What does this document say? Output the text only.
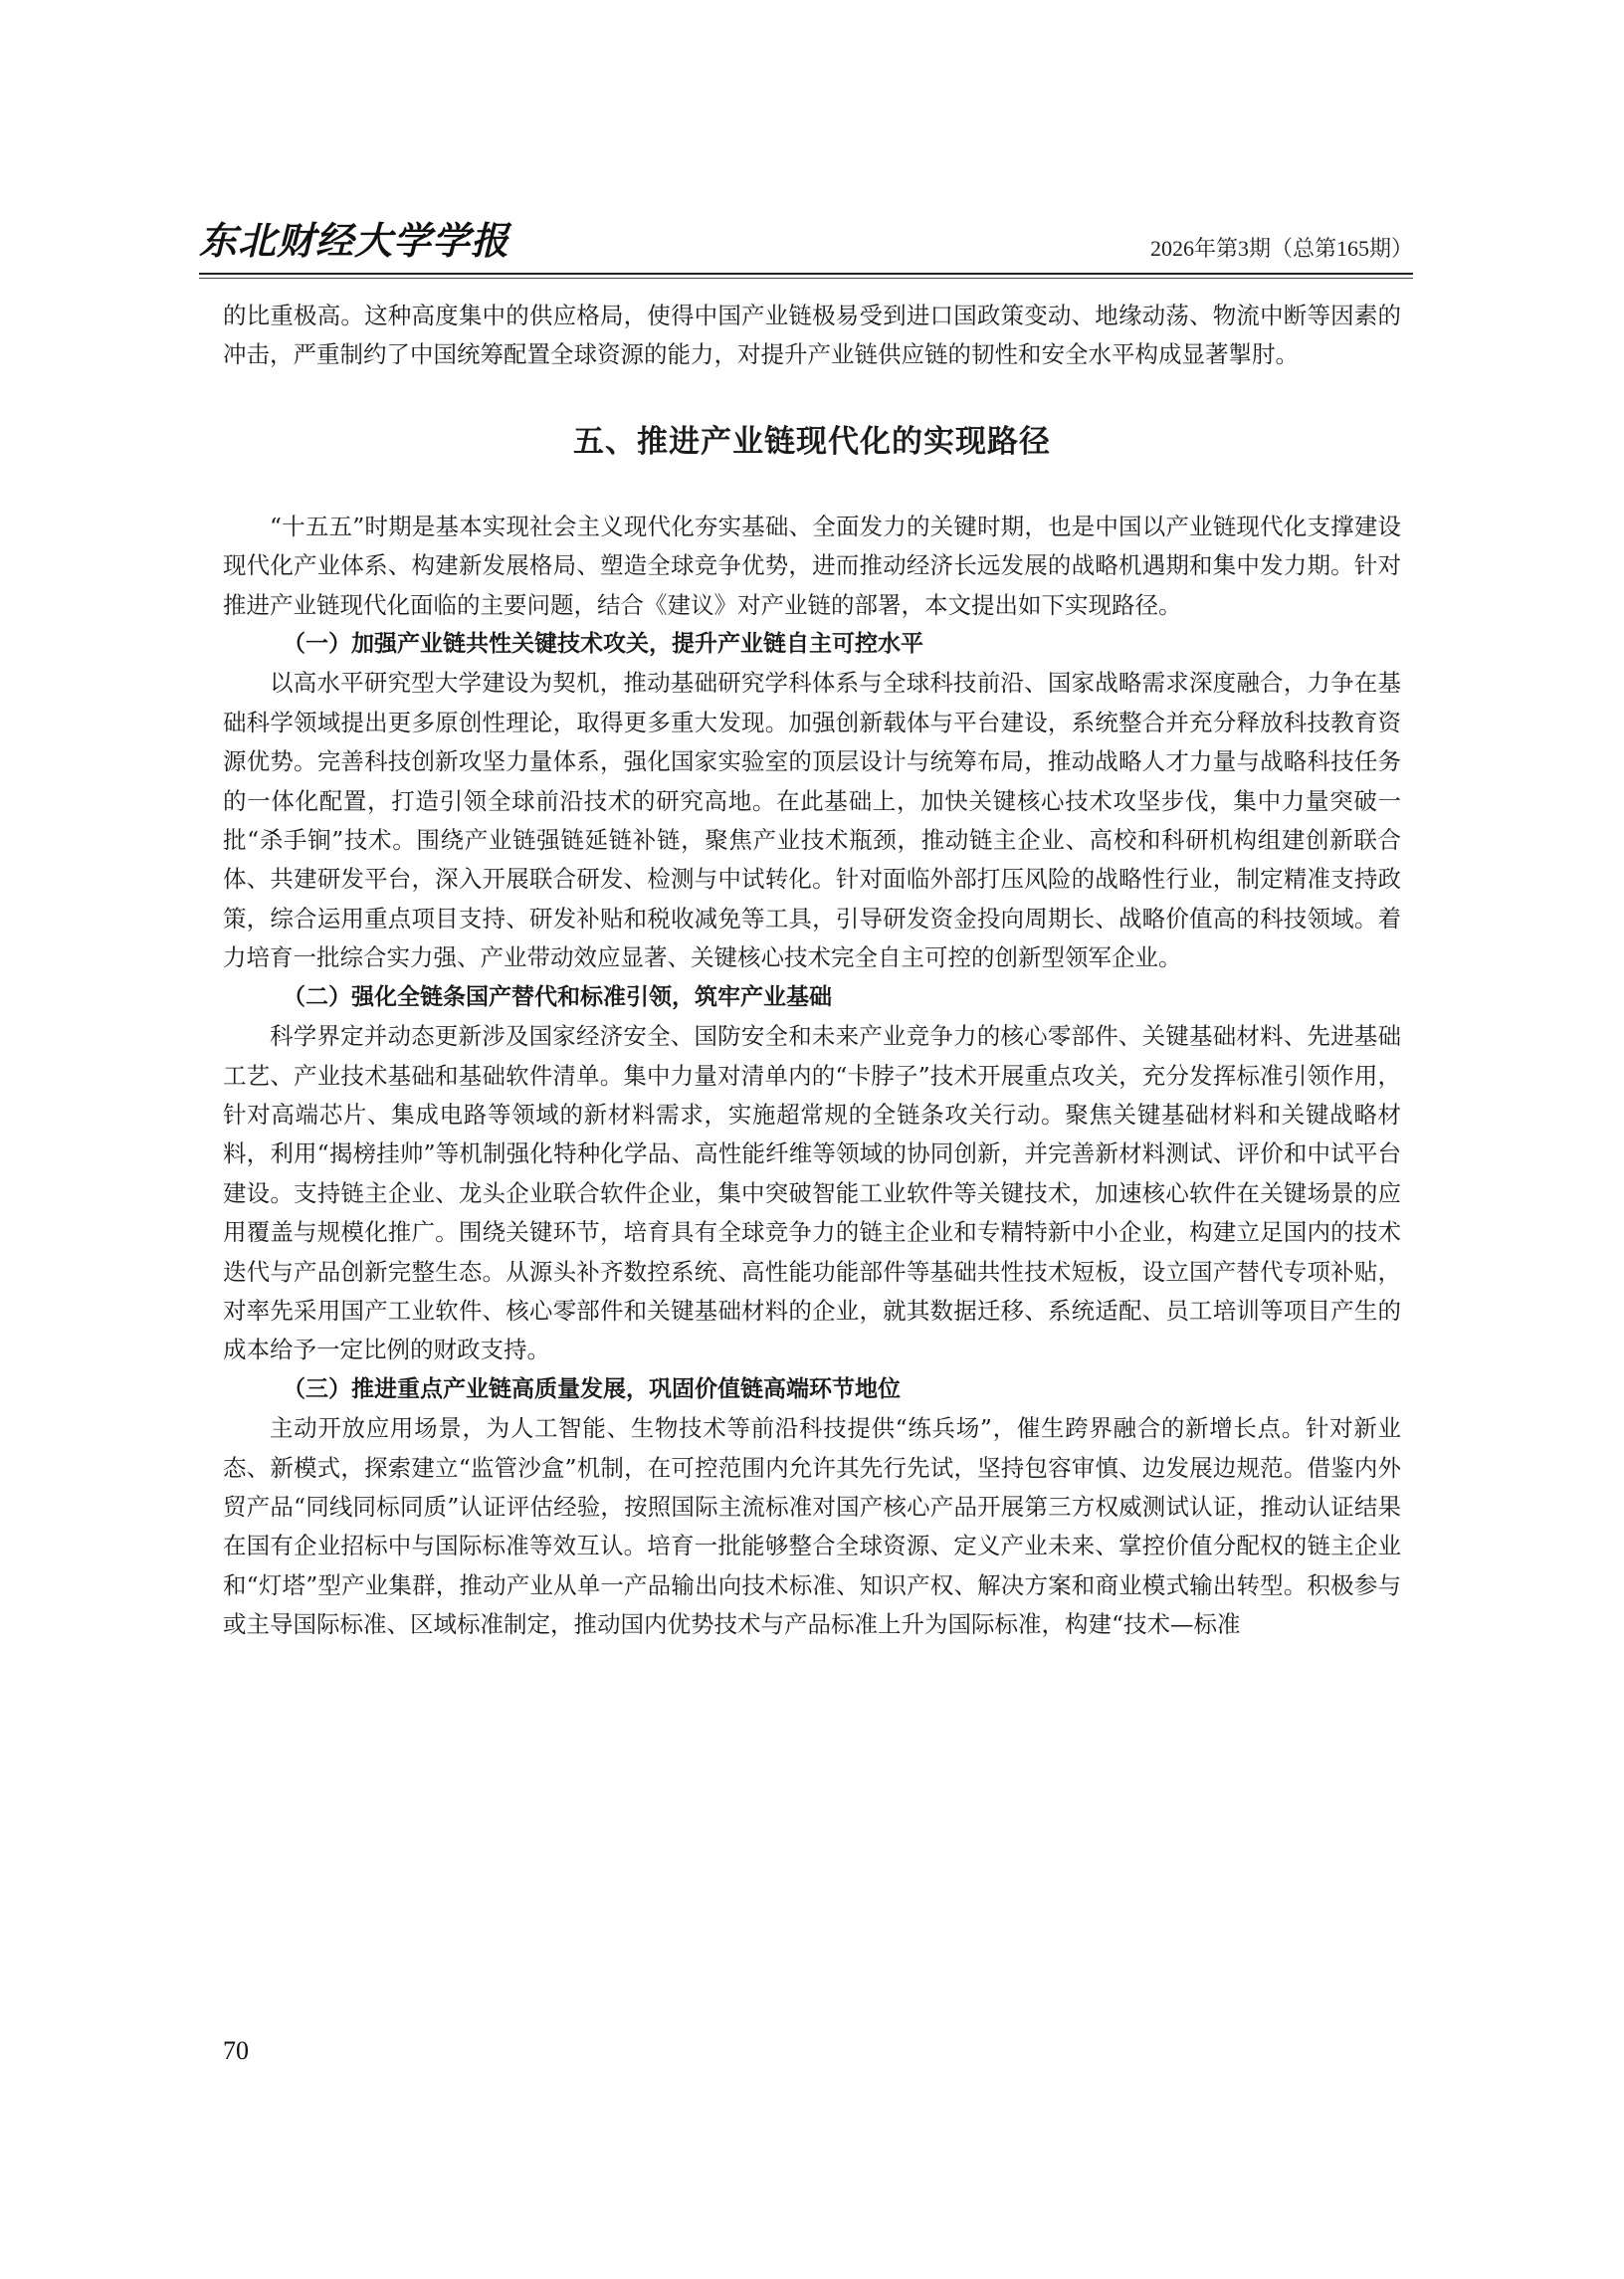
东北财经大学学报	2026年第3期（总第165期）

的比重极高。这种高度集中的供应格局，使得中国产业链极易受到进口国政策变动、地缘动荡、物流中断等因素的冲击，严重制约了中国统筹配置全球资源的能力，对提升产业链供应链的韧性和安全水平构成显著掣肘。

五、推进产业链现代化的实现路径

“十五五”时期是基本实现社会主义现代化夯实基础、全面发力的关键时期，也是中国以产业链现代化支撑建设现代化产业体系、构建新发展格局、塑造全球竞争优势，进而推动经济长远发展的战略机遇期和集中发力期。针对推进产业链现代化面临的主要问题，结合《建议》对产业链的部署，本文提出如下实现路径。

（一）加强产业链共性关键技术攻关，提升产业链自主可控水平

以高水平研究型大学建设为契机，推动基础研究学科体系与全球科技前沿、国家战略需求深度融合，力争在基础科学领域提出更多原创性理论，取得更多重大发现。加强创新载体与平台建设，系统整合并充分释放科技教育资源优势。完善科技创新攻坚力量体系，强化国家实验室的顶层设计与统筹布局，推动战略人才力量与战略科技任务的一体化配置，打造引领全球前沿技术的研究高地。在此基础上，加快关键核心技术攻坚步伐，集中力量突破一批“杀手锏”技术。围绕产业链强链延链补链，聚焦产业技术瓶颈，推动链主企业、高校和科研机构组建创新联合体、共建研发平台，深入开展联合研发、检测与中试转化。针对面临外部打压风险的战略性行业，制定精准支持政策，综合运用重点项目支持、研发补贴和税收减免等工具，引导研发资金投向周期长、战略价值高的科技领域。着力培育一批综合实力强、产业带动效应显著、关键核心技术完全自主可控的创新型领军企业。

（二）强化全链条国产替代和标准引领，筑牢产业基础

科学界定并动态更新涉及国家经济安全、国防安全和未来产业竞争力的核心零部件、关键基础材料、先进基础工艺、产业技术基础和基础软件清单。集中力量对清单内的“卡脖子”技术开展重点攻关，充分发挥标准引领作用，针对高端芯片、集成电路等领域的新材料需求，实施超常规的全链条攻关行动。聚焦关键基础材料和关键战略材料，利用“揭榜挂帅”等机制强化特种化学品、高性能纤维等领域的协同创新，并完善新材料测试、评价和中试平台建设。支持链主企业、龙头企业联合软件企业，集中突破智能工业软件等关键技术，加速核心软件在关键场景的应用覆盖与规模化推广。围绕关键环节，培育具有全球竞争力的链主企业和专精特新中小企业，构建立足国内的技术迭代与产品创新完整生态。从源头补齐数控系统、高性能功能部件等基础共性技术短板，设立国产替代专项补贴，对率先采用国产工业软件、核心零部件和关键基础材料的企业，就其数据迁移、系统适配、员工培训等项目产生的成本给予一定比例的财政支持。

（三）推进重点产业链高质量发展，巩固价值链高端环节地位

主动开放应用场景，为人工智能、生物技术等前沿科技提供“练兵场”，催生跨界融合的新增长点。针对新业态、新模式，探索建立“监管沙盒”机制，在可控范围内允许其先行先试，坚持包容审慎、边发展边规范。借鉴内外贸产品“同线同标同质”认证评估经验，按照国际主流标准对国产核心产品开展第三方权威测试认证，推动认证结果在国有企业招标中与国际标准等效互认。培育一批能够整合全球资源、定义产业未来、掌控价值分配权的链主企业和“灯塔”型产业集群，推动产业从单一产品输出向技术标准、知识产权、解决方案和商业模式输出转型。积极参与或主导国际标准、区域标准制定，推动国内优势技术与产品标准上升为国际标准，构建“技术—标准

70
